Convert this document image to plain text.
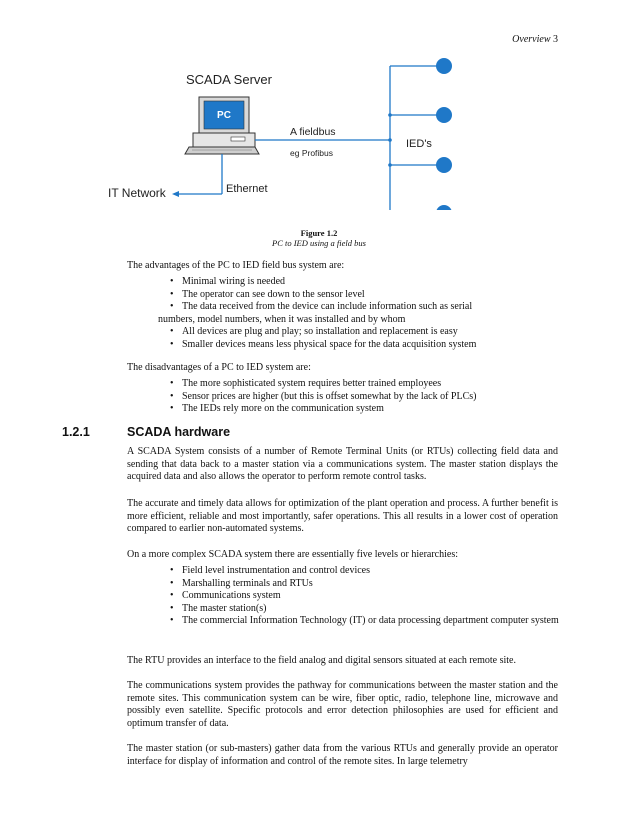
Overview 3
SCADA Server
PC
A fieldbus
eg Profibus
IED's
Ethernet
IT Network
Figure 1.2
PC to IED using a field bus
The advantages of the PC to IED field bus system are:
• Minimal wiring is needed
• The operator can see down to the sensor level
• The data received from the device can include information such as serial
numbers, model numbers, when it was installed and by whom
• All devices are plug and play; so installation and replacement is easy
• Smaller devices means less physical space for the data acquisition system
The disadvantages of a PC to IED system are:
• The more sophisticated system requires better trained employees
• Sensor prices are higher (but this is offset somewhat by the lack of PLCs)
• The IEDs rely more on the communication system
1.2.1	SCADA hardware
A SCADA System consists of a number of Remote Terminal Units (or RTUs) collecting field data and sending that data back to a master station via a communications system. The master station displays the acquired data and also allows the operator to perform remote control tasks.
The accurate and timely data allows for optimization of the plant operation and process. A further benefit is more efficient, reliable and most importantly, safer operations. This all results in a lower cost of operation compared to earlier non-automated systems.
On a more complex SCADA system there are essentially five levels or hierarchies:
• Field level instrumentation and control devices
• Marshalling terminals and RTUs
• Communications system
• The master station(s)
• The commercial Information Technology (IT) or data processing department computer system
The RTU provides an interface to the field analog and digital sensors situated at each remote site.
The communications system provides the pathway for communications between the master station and the remote sites. This communication system can be wire, fiber optic, radio, telephone line, microwave and possibly even satellite. Specific protocols and error detection philosophies are used for efficient and optimum transfer of data.
The master station (or sub-masters) gather data from the various RTUs and generally provide an operator interface for display of information and control of the remote sites. In large telemetry
